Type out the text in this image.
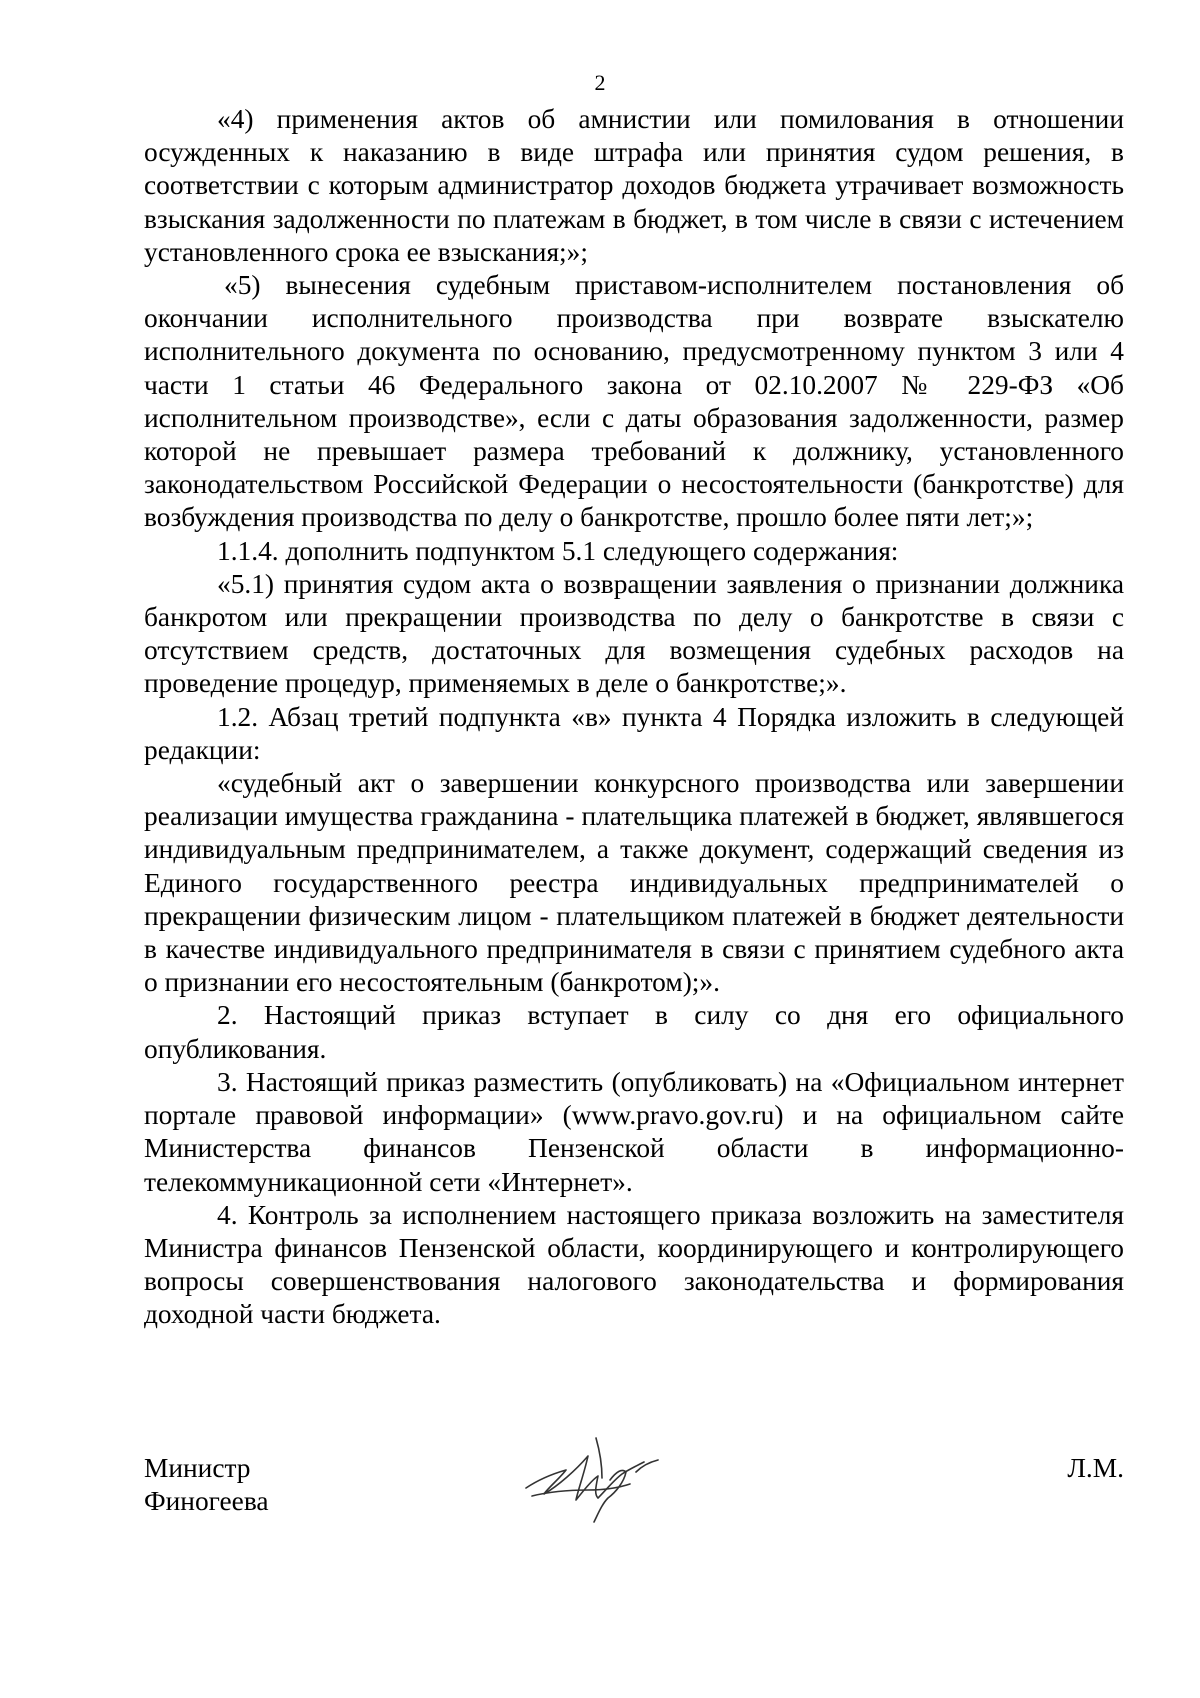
2

«4) применения актов об амнистии или помилования в отношении осужденных к наказанию в виде штрафа или принятия судом решения, в соответствии с которым администратор доходов бюджета утрачивает возможность взыскания задолженности по платежам в бюджет, в том числе в связи с истечением установленного срока ее взыскания;»;

«5) вынесения судебным приставом-исполнителем постановления об окончании исполнительного производства при возврате взыскателю исполнительного документа по основанию, предусмотренному пунктом 3 или 4 части 1 статьи 46 Федерального закона от 02.10.2007 № 229-ФЗ «Об исполнительном производстве», если с даты образования задолженности, размер которой не превышает размера требований к должнику, установленного законодательством Российской Федерации о несостоятельности (банкротстве) для возбуждения производства по делу о банкротстве, прошло более пяти лет;»;

1.1.4. дополнить подпунктом 5.1 следующего содержания:

«5.1) принятия судом акта о возвращении заявления о признании должника банкротом или прекращении производства по делу о банкротстве в связи с отсутствием средств, достаточных для возмещения судебных расходов на проведение процедур, применяемых в деле о банкротстве;».

1.2. Абзац третий подпункта «в» пункта 4 Порядка изложить в следующей редакции:

«судебный акт о завершении конкурсного производства или завершении реализации имущества гражданина - плательщика платежей в бюджет, являвшегося индивидуальным предпринимателем, а также документ, содержащий сведения из Единого государственного реестра индивидуальных предпринимателей о прекращении физическим лицом - плательщиком платежей в бюджет деятельности в качестве индивидуального предпринимателя в связи с принятием судебного акта о признании его несостоятельным (банкротом);».

2. Настоящий приказ вступает в силу со дня его официального опубликования.

3. Настоящий приказ разместить (опубликовать) на «Официальном интернет портале правовой информации» (www.pravo.gov.ru) и на официальном сайте Министерства финансов Пензенской области в информационно-телекоммуникационной сети «Интернет».

4. Контроль за исполнением настоящего приказа возложить на заместителя Министра финансов Пензенской области, координирующего и контролирующего вопросы совершенствования налогового законодательства и формирования доходной части бюджета.

Министр
Финогеева
Л.М.
